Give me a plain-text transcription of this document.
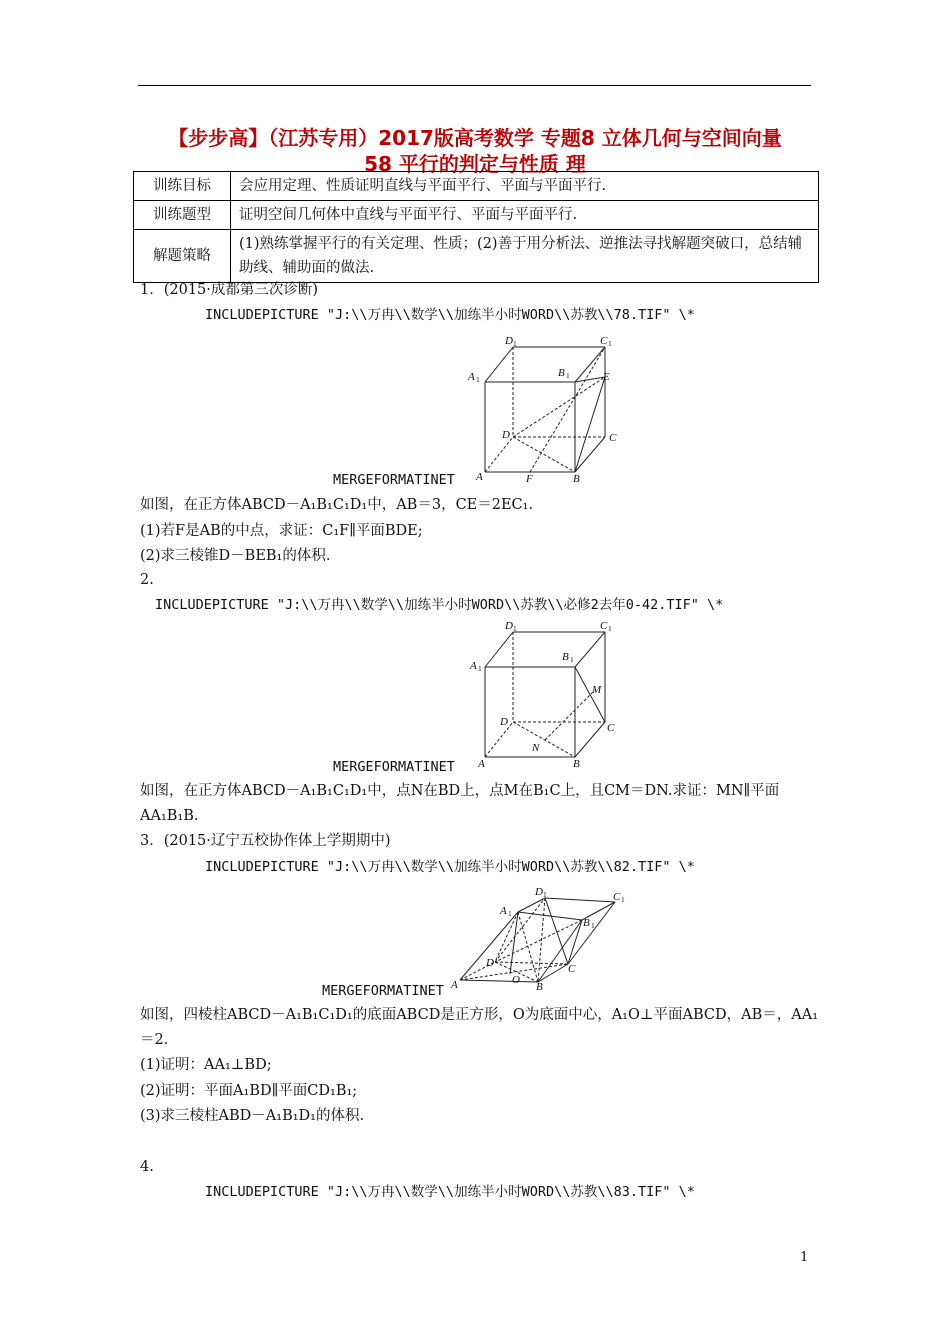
【步步高】（江苏专用）2017版高考数学 专题8 立体几何与空间向量
58 平行的判定与性质 理
训练目标	会应用定理、性质证明直线与平面平行、平面与平面平行.
训练题型	证明空间几何体中直线与平面平行、平面与平面平行.
解题策略	(1)熟练掌握平行的有关定理、性质；(2)善于用分析法、逆推法寻找解题突破口，总结辅助线、辅助面的做法.
1．(2015·成都第三次诊断)
INCLUDEPICTURE "J:\\万冉\\数学\\加练半小时WORD\\苏教\\78.TIF" \*
D 1	C 1
A 1
B 1	E
D	C
A	F	B
MERGEFORMATINET
如图，在正方体ABCD－A₁B₁C₁D₁中，AB＝3，CE＝2EC₁.
(1)若F是AB的中点，求证：C₁F∥平面BDE;
(2)求三棱锥D－BEB₁的体积.
2.
INCLUDEPICTURE "J:\\万冉\\数学\\加练半小时WORD\\苏教\\必修2去年0-42.TIF" \*
D 1	C 1
A 1
B 1
M
D	C
N
A	B
MERGEFORMATINET
如图，在正方体ABCD－A₁B₁C₁D₁中，点N在BD上，点M在B₁C上，且CM＝DN.求证：MN∥平面
AA₁B₁B.
3．(2015·辽宁五校协作体上学期期中)
INCLUDEPICTURE "J:\\万冉\\数学\\加练半小时WORD\\苏教\\82.TIF" \*
D 1	C 1
A 1
B 1
D	C
A	O
B
MERGEFORMATINET
如图，四棱柱ABCD－A₁B₁C₁D₁的底面ABCD是正方形，O为底面中心，A₁O⊥平面ABCD，AB＝，AA₁
＝2.
(1)证明：AA₁⊥BD;
(2)证明：平面A₁BD∥平面CD₁B₁;
(3)求三棱柱ABD－A₁B₁D₁的体积.
4.
INCLUDEPICTURE "J:\\万冉\\数学\\加练半小时WORD\\苏教\\83.TIF" \*
1
